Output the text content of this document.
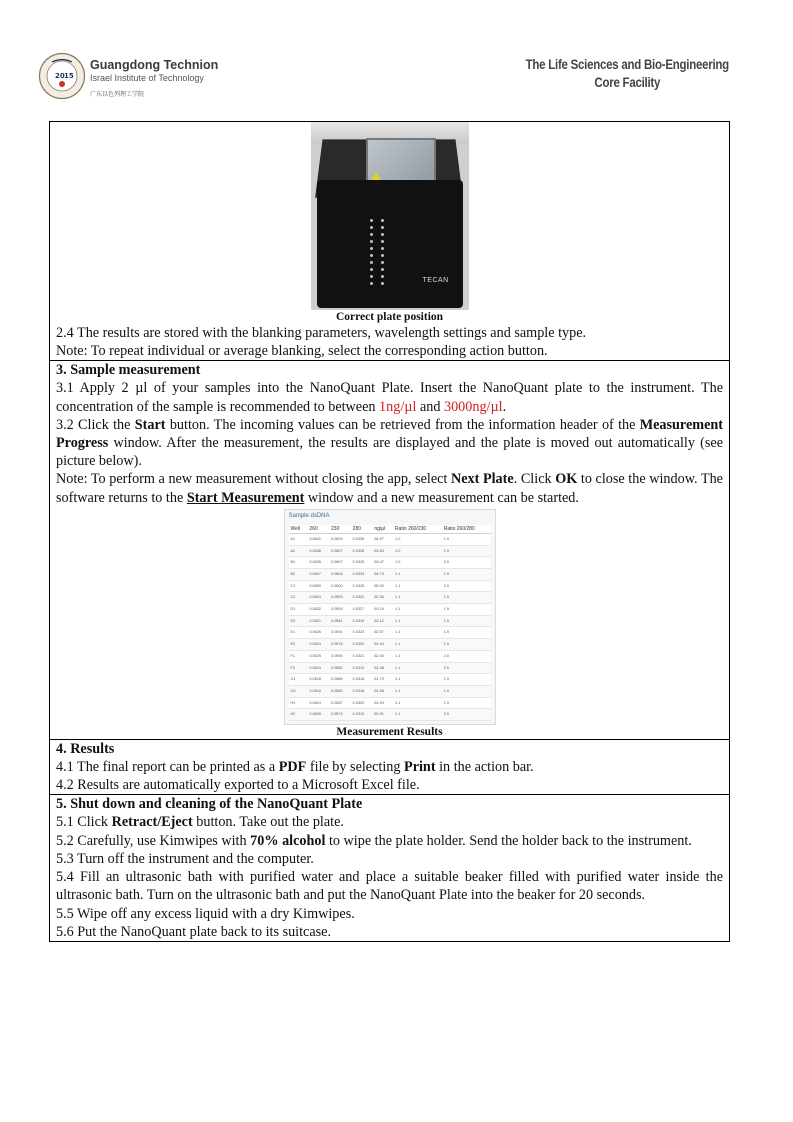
20 15
Guangdong Technion
Israel Institute of Technology
广东以色列理工学院
The Life Sciences and Bio-Engineering
Core Facility
TECAN
Correct plate position

2.4 The results are stored with the blanking parameters, wavelength settings and sample type.

Note: To repeat individual or average blanking, select the corresponding action button.

3. Sample measurement

3.1 Apply 2 µl of your samples into the NanoQuant Plate. Insert the NanoQuant plate to the instrument. The concentration of the sample is recommended to between 1ng/µl and 3000ng/µl.

3.2 Click the Start button. The incoming values can be retrieved from the information header of the Measurement Progress window. After the measurement, the results are displayed and the plate is moved out automatically (see picture below).

Note: To perform a new measurement without closing the app, select Next Plate. Click OK to close the window. The software returns to the Start Measurement window and a new measurement can be started.

Sample dsDNA
Well	260	230	280	ng/µl	Ratio 260/230	Ratio 260/280
A1	0.0641	0.0629	0.0335	64.07	1.0	1.9
A2	0.0636	0.0607	0.0328	63.63	1.0	1.9
B1	0.0635	0.0607	0.0325	63.47	1.0	2.0
B2	0.0647	0.0604	0.0333	64.73	1.1	1.9
C1	0.0659	0.0600	0.0325	65.90	1.1	2.0
C2	0.0624	0.0593	0.0322	62.36	1.1	1.9
D1	0.0632	0.0593	0.0327	63.19	1.1	1.9
D2	0.0621	0.0581	0.0319	62.12	1.1	1.9
E1	0.0626	0.0591	0.0323	62.57	1.1	1.9
E2	0.0619	0.0578	0.0320	61.94	1.1	1.9
F1	0.0625	0.0594	0.0321	62.54	1.1	2.0
F2	0.0615	0.0582	0.0312	61.48	1.1	2.0
G1	0.0618	0.0585	0.0318	61.79	1.1	1.9
G2	0.0616	0.0582	0.0316	61.58	1.1	1.9
H1	0.0619	0.0587	0.0320	61.90	1.1	1.9
H2	0.0609	0.0573	0.0310	60.91	1.1	2.0
Measurement Results
4. Results

4.1 The final report can be printed as a PDF file by selecting Print in the action bar.

4.2 Results are automatically exported to a Microsoft Excel file.

5. Shut down and cleaning of the NanoQuant Plate

5.1 Click Retract/Eject button. Take out the plate.

5.2 Carefully, use Kimwipes with 70% alcohol to wipe the plate holder. Send the holder back to the instrument.

5.3 Turn off the instrument and the computer.

5.4 Fill an ultrasonic bath with purified water and place a suitable beaker filled with purified water inside the ultrasonic bath. Turn on the ultrasonic bath and put the NanoQuant Plate into the beaker for 20 seconds.

5.5 Wipe off any excess liquid with a dry Kimwipes.

5.6 Put the NanoQuant plate back to its suitcase.
